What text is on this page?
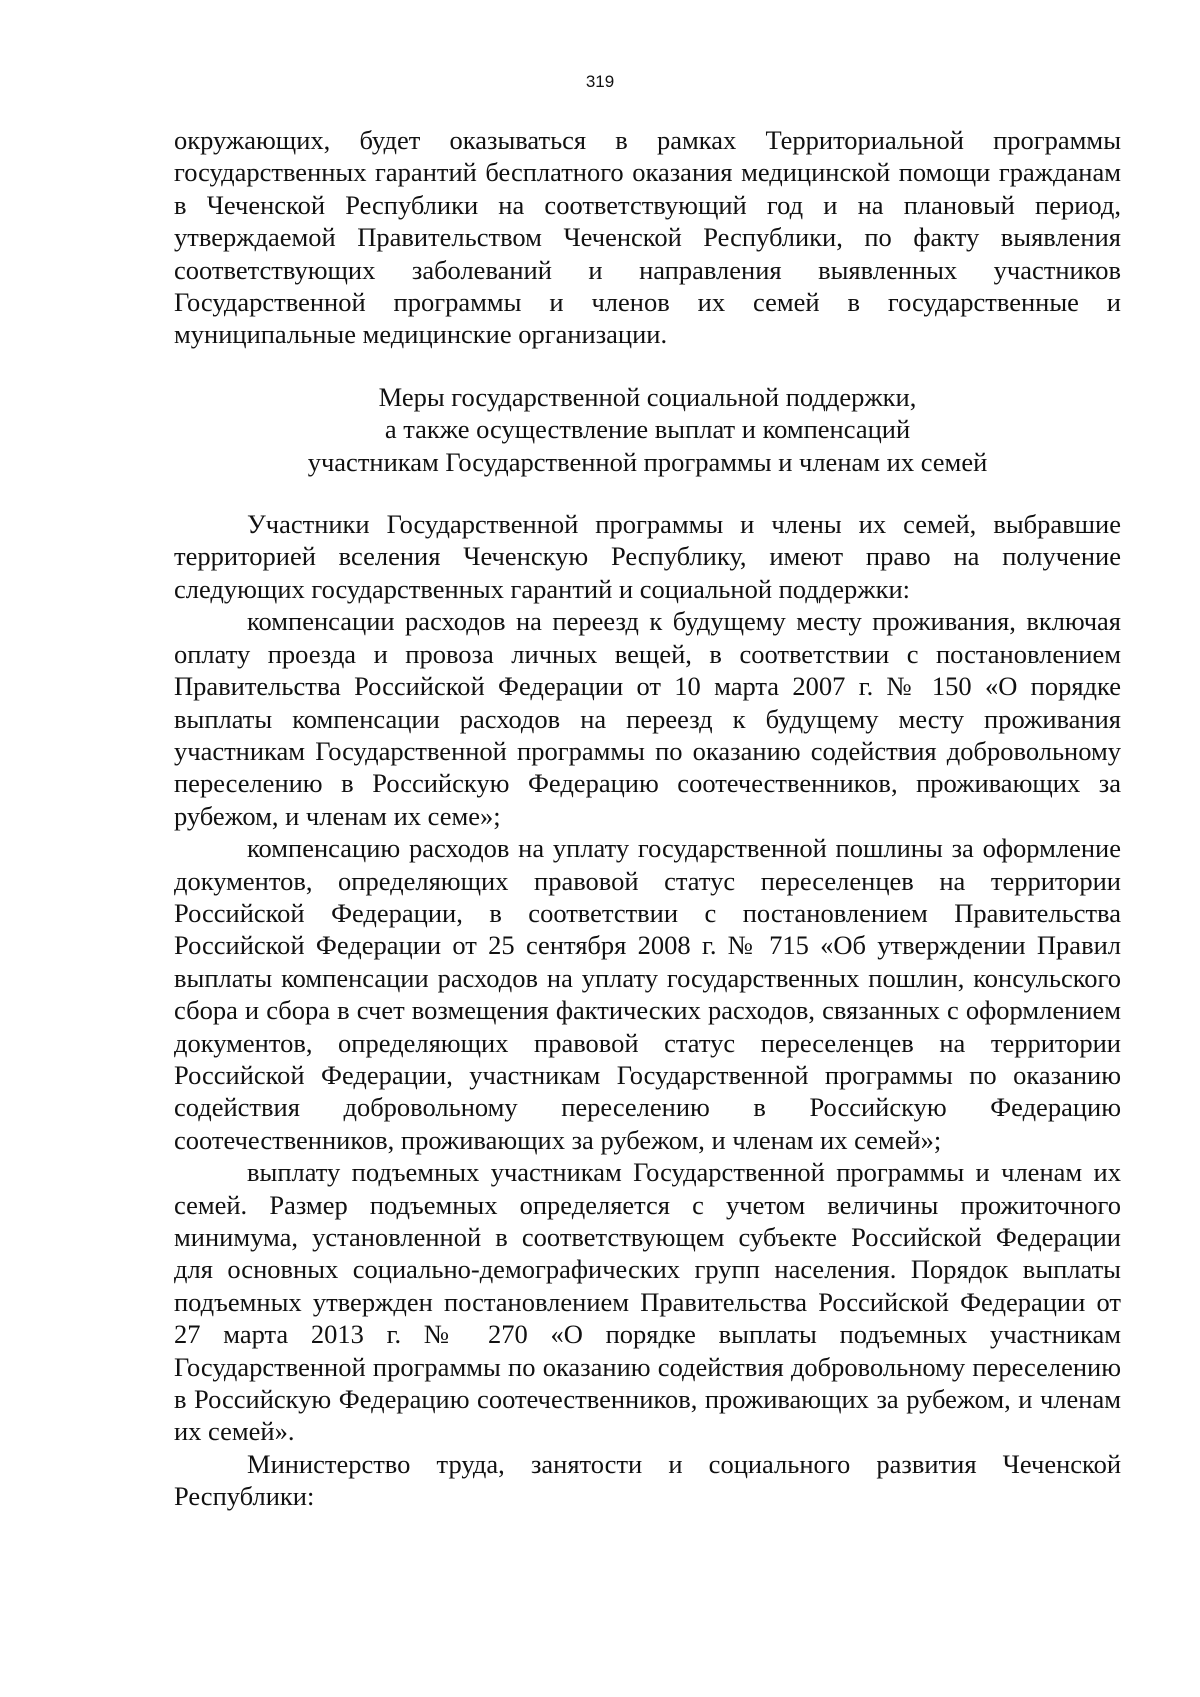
319

окружающих, будет оказываться в рамках Территориальной программы государственных гарантий бесплатного оказания медицинской помощи гражданам в Чеченской Республики на соответствующий год и на плановый период, утверждаемой Правительством Чеченской Республики, по факту выявления соответствующих заболеваний и направления выявленных участников Государственной программы и членов их семей в государственные и муниципальные медицинские организации.

Меры государственной социальной поддержки,
а также осуществление выплат и компенсаций
участникам Государственной программы и членам их семей

Участники Государственной программы и члены их семей, выбравшие территорией вселения Чеченскую Республику, имеют право на получение следующих государственных гарантий и социальной поддержки:

компенсации расходов на переезд к будущему месту проживания, включая оплату проезда и провоза личных вещей, в соответствии с постановлением Правительства Российской Федерации от 10 марта 2007 г. № 150 «О порядке выплаты компенсации расходов на переезд к будущему месту проживания участникам Государственной программы по оказанию содействия добровольному переселению в Российскую Федерацию соотечественников, проживающих за рубежом, и членам их семе»;

компенсацию расходов на уплату государственной пошлины за оформление документов, определяющих правовой статус переселенцев на территории Российской Федерации, в соответствии с постановлением Правительства Российской Федерации от 25 сентября 2008 г. № 715 «Об утверждении Правил выплаты компенсации расходов на уплату государственных пошлин, консульского сбора и сбора в счет возмещения фактических расходов, связанных с оформлением документов, определяющих правовой статус переселенцев на территории Российской Федерации, участникам Государственной программы по оказанию содействия добровольному переселению в Российскую Федерацию соотечественников, проживающих за рубежом, и членам их семей»;

выплату подъемных участникам Государственной программы и членам их семей. Размер подъемных определяется с учетом величины прожиточного минимума, установленной в соответствующем субъекте Российской Федерации для основных социально-демографических групп населения. Порядок выплаты подъемных утвержден постановлением Правительства Российской Федерации от 27 марта 2013 г. № 270 «О порядке выплаты подъемных участникам Государственной программы по оказанию содействия добровольному переселению в Российскую Федерацию соотечественников, проживающих за рубежом, и членам их семей».

Министерство труда, занятости и социального развития Чеченской Республики:
